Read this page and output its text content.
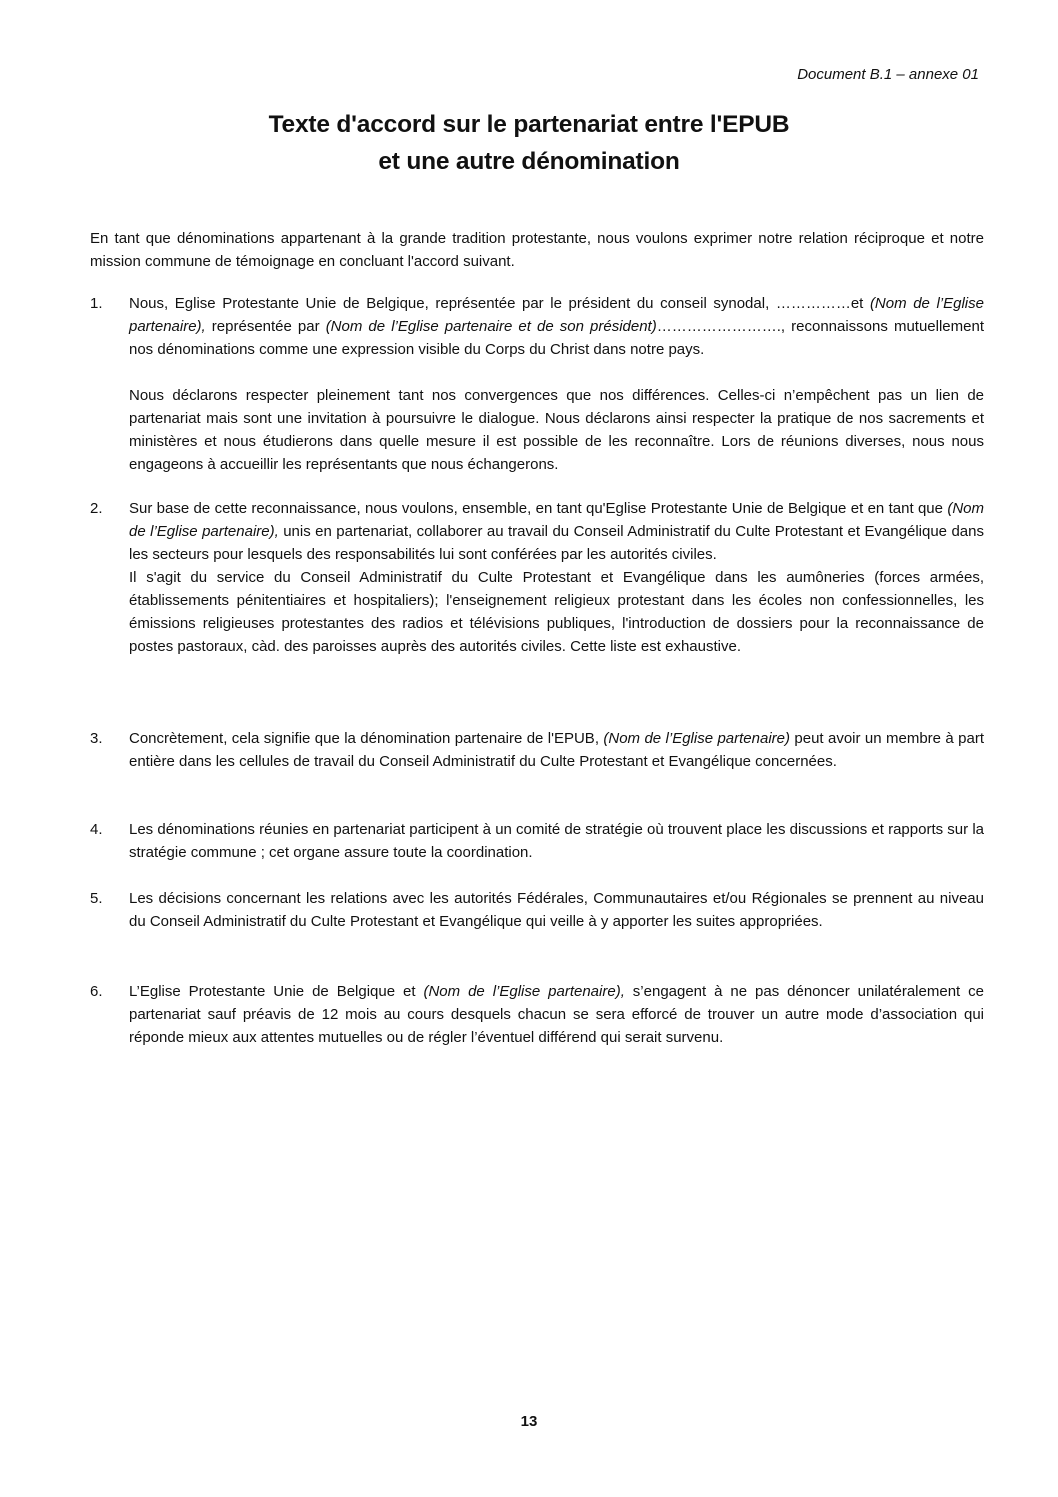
Document B.1 – annexe 01
Texte d'accord sur le partenariat entre l'EPUB
et une autre dénomination
En tant que dénominations appartenant à la grande tradition protestante, nous voulons exprimer notre relation réciproque et notre mission commune de témoignage en concluant l'accord suivant.
1.	Nous, Eglise Protestante Unie de Belgique, représentée par le président du conseil synodal, ……………et (Nom de l’Eglise partenaire), représentée par (Nom de l’Eglise partenaire et de son président)……………………., reconnaissons mutuellement nos dénominations comme une expression visible du Corps du Christ dans notre pays.

Nous déclarons respecter pleinement tant nos convergences que nos différences. Celles-ci n’empêchent pas un lien de partenariat mais sont une invitation à poursuivre le dialogue. Nous déclarons ainsi respecter la pratique de nos sacrements et ministères et nous étudierons dans quelle mesure il est possible de les reconnaître. Lors de réunions diverses, nous nous engageons à accueillir les représentants que nous échangerons.

2.	Sur base de cette reconnaissance, nous voulons, ensemble, en tant qu'Eglise Protestante Unie de Belgique et en tant que (Nom de l’Eglise partenaire), unis en partenariat, collaborer au travail du Conseil Administratif du Culte Protestant et Evangélique dans les secteurs pour lesquels des responsabilités lui sont conférées par les autorités civiles.

Il s'agit du service du Conseil Administratif du Culte Protestant et Evangélique dans les aumôneries (forces armées, établissements pénitentiaires et hospitaliers); l'enseignement religieux protestant dans les écoles non confessionnelles, les émissions religieuses protestantes des radios et télévisions publiques, l'introduction de dossiers pour la reconnaissance de postes pastoraux, càd. des paroisses auprès des autorités civiles. Cette liste est exhaustive.

3.	Concrètement, cela signifie que la dénomination partenaire de l'EPUB, (Nom de l’Eglise partenaire) peut avoir un membre à part entière dans les cellules de travail du Conseil Administratif du Culte Protestant et Evangélique concernées.

4.	Les dénominations réunies en partenariat participent à un comité de stratégie où trouvent place les discussions et rapports sur la stratégie commune ; cet organe assure toute la coordination.

5.	Les décisions concernant les relations avec les autorités Fédérales, Communautaires et/ou Régionales se prennent au niveau du Conseil Administratif du Culte Protestant et Evangélique qui veille à y apporter les suites appropriées.

6.	L’Eglise Protestante Unie de Belgique et (Nom de l’Eglise partenaire), s’engagent à ne pas dénoncer unilatéralement ce partenariat sauf préavis de 12 mois au cours desquels chacun se sera efforcé de trouver un autre mode d’association qui réponde mieux aux attentes mutuelles ou de régler l’éventuel différend qui serait survenu.

13
